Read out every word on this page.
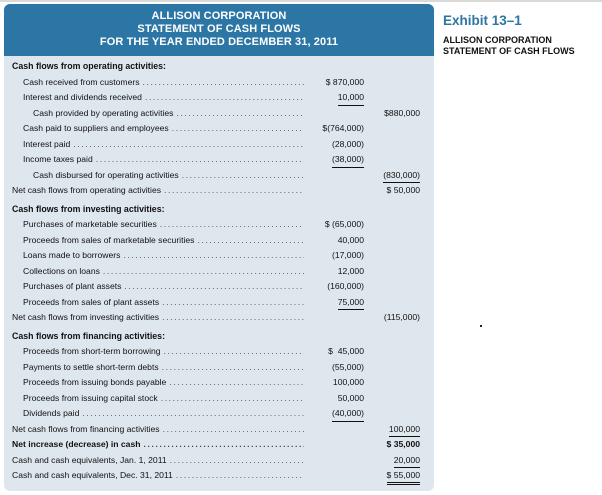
ALLISON CORPORATION
STATEMENT OF CASH FLOWS
FOR THE YEAR ENDED DECEMBER 31, 2011
Cash flows from operating activities:
Cash received from customers .....	$ 870,000
Interest and dividends received .....	10,000
Cash provided by operating activities .....	$880,000
Cash paid to suppliers and employees .....	$(764,000)
Interest paid .....	(28,000)
Income taxes paid .....	(38,000)
Cash disbursed for operating activities .....	(830,000)
Net cash flows from operating activities .....	$ 50,000
Cash flows from investing activities:
Purchases of marketable securities .....	$ (65,000)
Proceeds from sales of marketable securities .....	40,000
Loans made to borrowers .....	(17,000)
Collections on loans .....	12,000
Purchases of plant assets .....	(160,000)
Proceeds from sales of plant assets .....	75,000
Net cash flows from investing activities .....	(115,000)
Cash flows from financing activities:
Proceeds from short-term borrowing .....	$  45,000
Payments to settle short-term debts .....	(55,000)
Proceeds from issuing bonds payable .....	100,000
Proceeds from issuing capital stock .....	50,000
Dividends paid .....	(40,000)
Net cash flows from financing activities .....	100,000
Net increase (decrease) in cash .....	$ 35,000
Cash and cash equivalents, Jan. 1, 2011 .....	20,000
Cash and cash equivalents, Dec. 31, 2011 .....	$ 55,000
Exhibit 13–1
ALLISON CORPORATION STATEMENT OF CASH FLOWS
